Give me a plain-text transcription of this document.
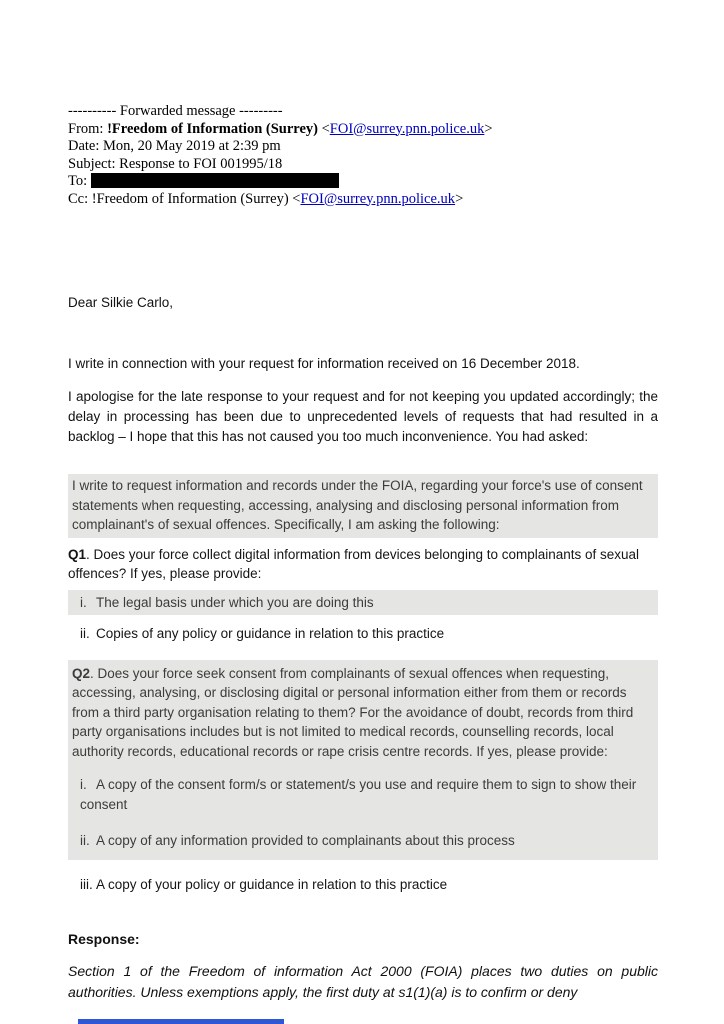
---------- Forwarded message ---------
From: !Freedom of Information (Surrey) <FOI@surrey.pnn.police.uk>
Date: Mon, 20 May 2019 at 2:39 pm
Subject: Response to FOI 001995/18
To:
Cc: !Freedom of Information (Surrey) <FOI@surrey.pnn.police.uk>
Dear Silkie Carlo,
I write in connection with your request for information received on 16 December 2018.
I apologise for the late response to your request and for not keeping you updated accordingly; the delay in processing has been due to unprecedented levels of requests that had resulted in a backlog – I hope that this has not caused you too much inconvenience. You had asked:
I write to request information and records under the FOIA, regarding your force's use of consent statements when requesting, accessing, analysing and disclosing personal information from complainant's of sexual offences. Specifically, I am asking the following:
Q1. Does your force collect digital information from devices belonging to complainants of sexual offences? If yes, please provide:
i. The legal basis under which you are doing this
ii. Copies of any policy or guidance in relation to this practice
Q2. Does your force seek consent from complainants of sexual offences when requesting, accessing, analysing, or disclosing digital or personal information either from them or records from a third party organisation relating to them? For the avoidance of doubt, records from third party organisations includes but is not limited to medical records, counselling records, local authority records, educational records or rape crisis centre records. If yes, please provide:
i. A copy of the consent form/s or statement/s you use and require them to sign to show their consent
ii. A copy of any information provided to complainants about this process
iii. A copy of your policy or guidance in relation to this practice
Response:
Section 1 of the Freedom of information Act 2000 (FOIA) places two duties on public authorities. Unless exemptions apply, the first duty at s1(1)(a) is to confirm or deny
